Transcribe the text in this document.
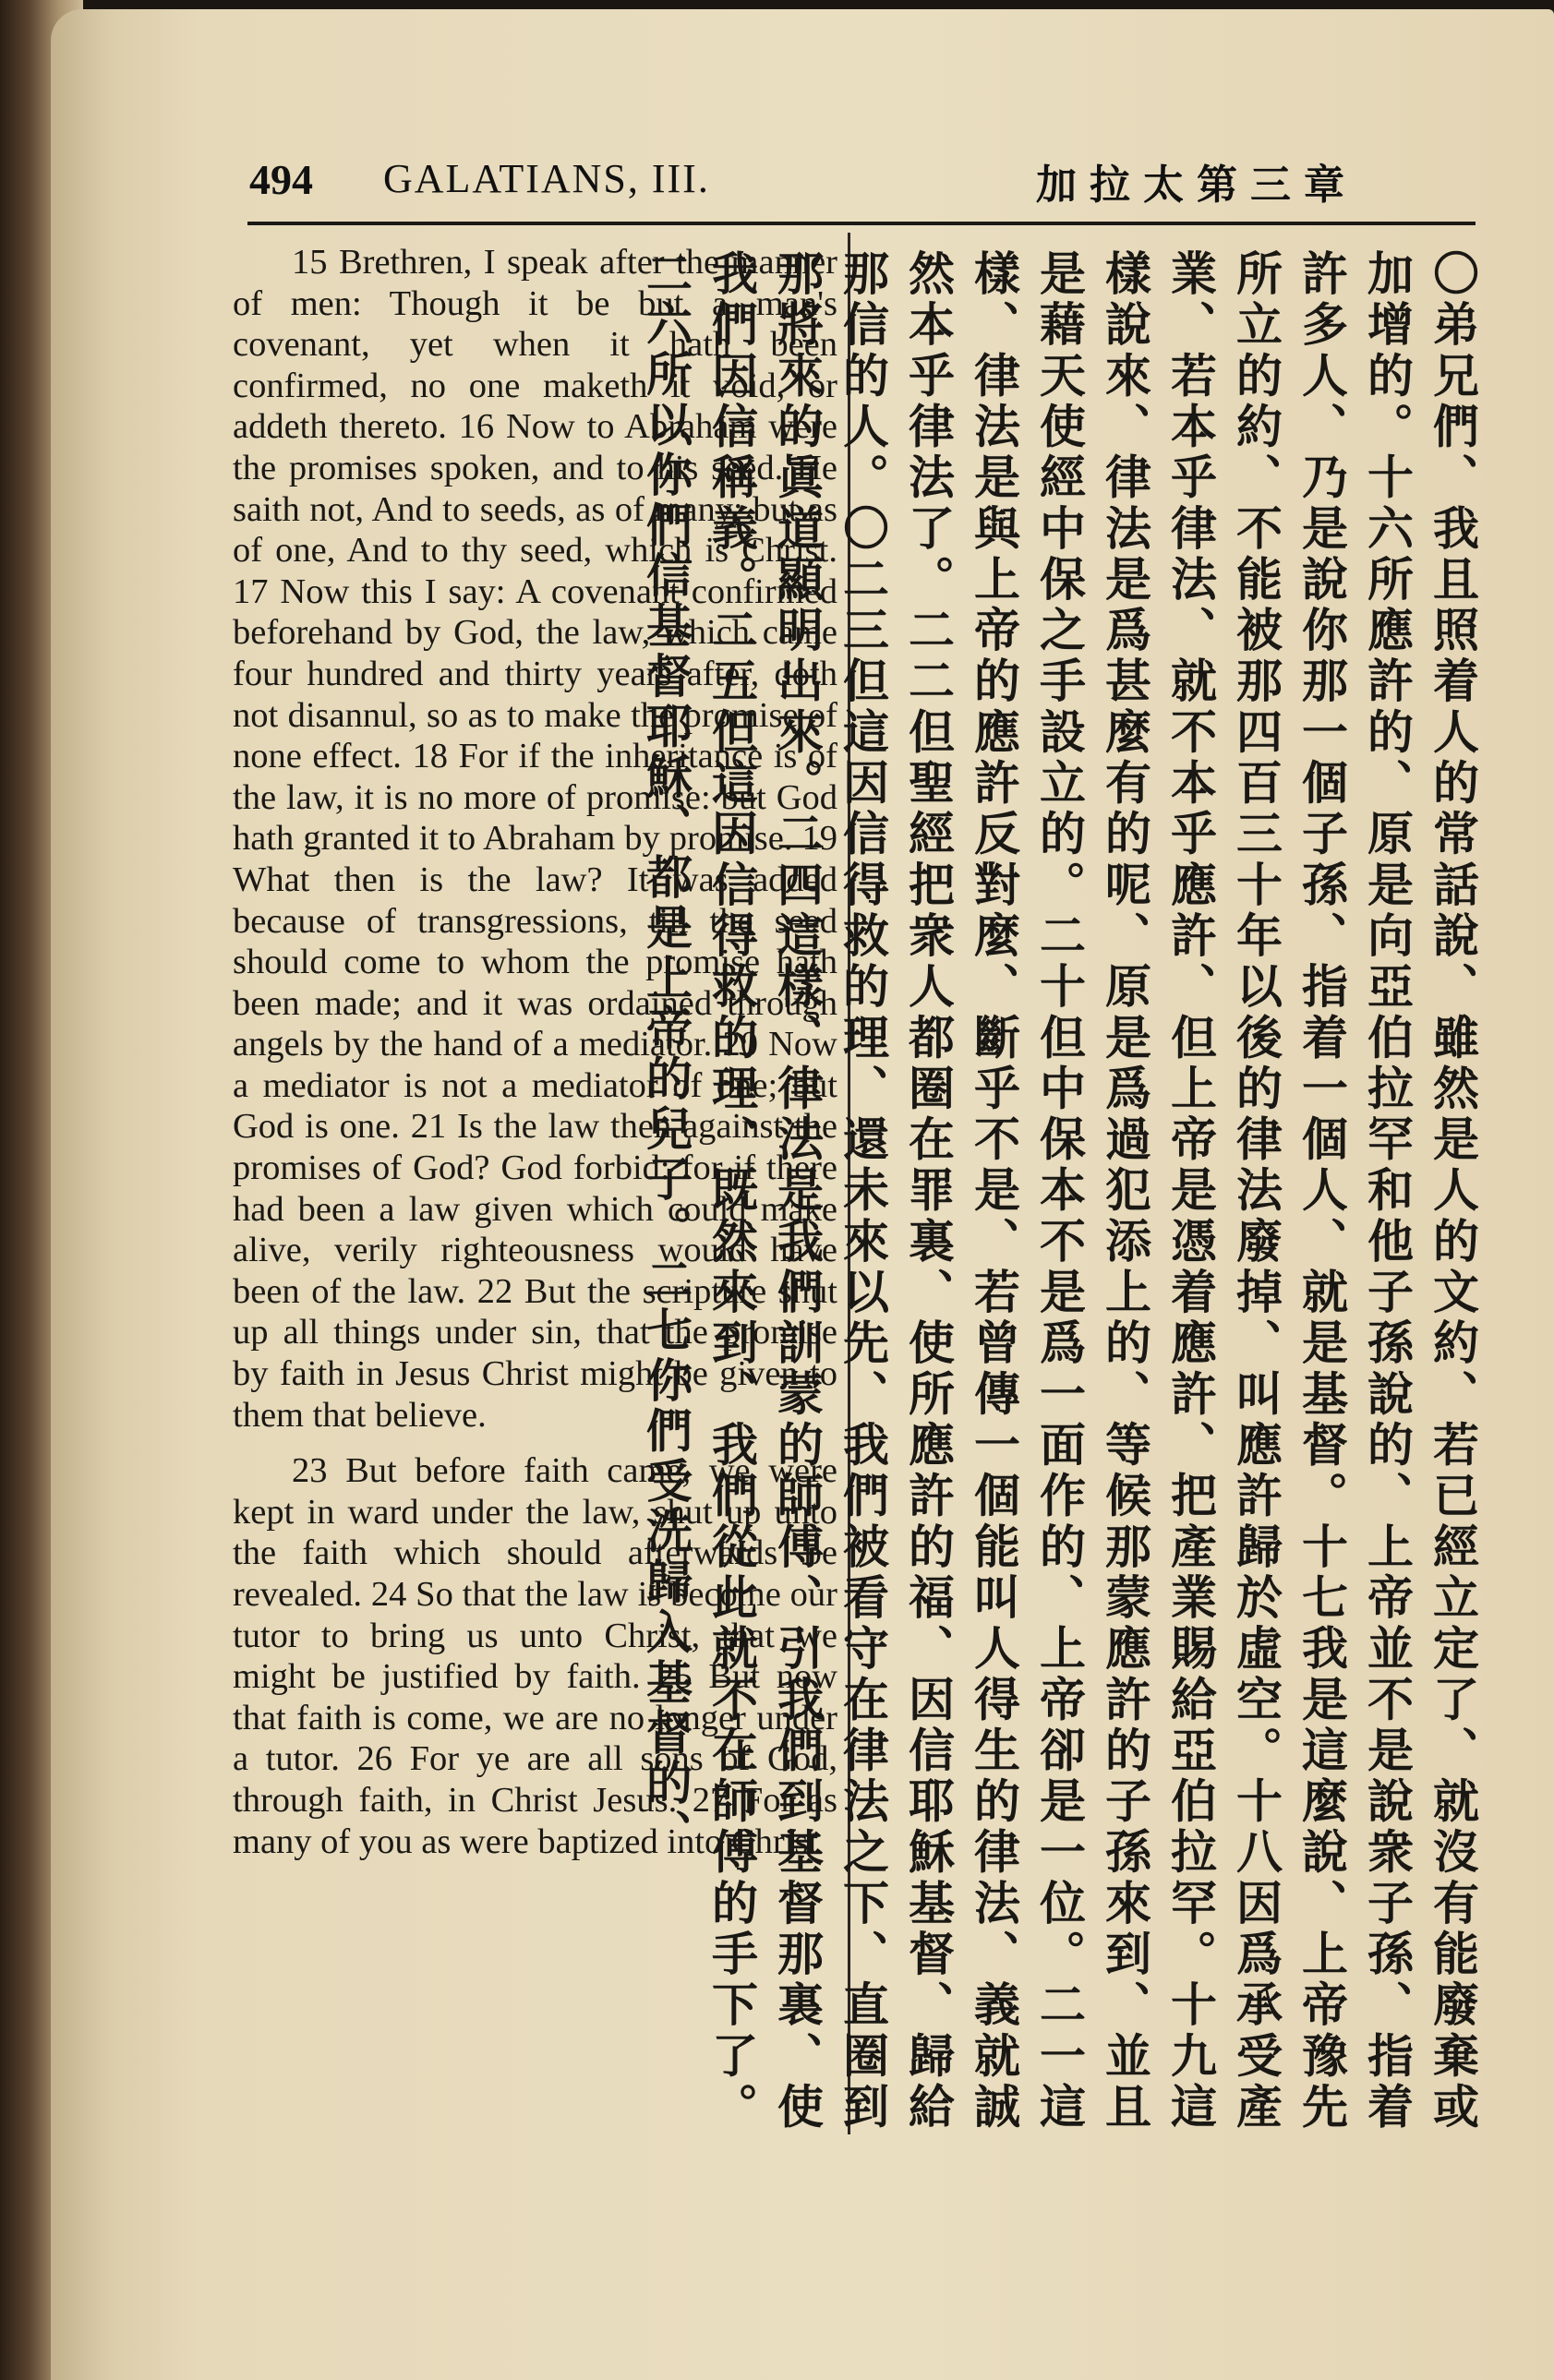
494 GALATIANS, III.	加拉太第三章

15 Brethren, I speak after the manner of men: Though it be but a man's covenant, yet when it hath been confirmed, no one maketh it void, or addeth thereto. 16 Now to Abraham were the promises spoken, and to his seed. He saith not, And to seeds, as of many; but as of one, And to thy seed, which is Christ. 17 Now this I say: A covenant confirmed beforehand by God, the law, which came four hundred and thirty years after, doth not disannul, so as to make the promise of none effect. 18 For if the inheritance is of the law, it is no more of promise: but God hath granted it to Abraham by promise. 19 What then is the law? It was added because of transgressions, till the seed should come to whom the promise hath been made; and it was ordained through angels by the hand of a mediator. 20 Now a mediator is not a mediator of one; but God is one. 21 Is the law then against the promises of God? God forbid: for if there had been a law given which could make alive, verily righteousness would have been of the law. 22 But the scripture shut up all things under sin, that the promise by faith in Jesus Christ might be given to them that believe.

23 But before faith came, we were kept in ward under the law, shut up unto the faith which should afterwards be revealed. 24 So that the law is become our tutor to bring us unto Christ, that we might be justified by faith. 25 But now that faith is come, we are no longer under a tutor. 26 For ye are all sons of God, through faith, in Christ Jesus. 27 For as many of you as were baptized into Christ	〇弟兄們、我且照着人的常話說、雖然是人的文約、若已經立定了、就沒有能廢棄或加增的。十六所應許的、原是向亞伯拉罕和他子孫說的、上帝並不是說衆子孫、指着許多人、乃是說你那一個子孫、指着一個人、就是基督。十七我是這麼說、上帝豫先所立的約、不能被那四百三十年以後的律法廢掉、叫應許歸於虛空。十八因爲承受產業、若本乎律法、就不本乎應許、但上帝是憑着應許、把產業賜給亞伯拉罕。十九這樣說來、律法是爲甚麼有的呢、原是爲過犯添上的、等候那蒙應許的子孫來到、並且是藉天使經中保之手設立的。二十但中保本不是爲一面作的、上帝卻是一位。二一這樣、律法是與上帝的應許反對麼、斷乎不是、若曾傳一個能叫人得生的律法、義就誠然本乎律法了。二二但聖經把衆人都圈在罪裏、使所應許的福、因信耶穌基督、歸給那信的人。〇二三但這因信得救的理、還未來以先、我們被看守在律法之下、直圈到那將來的眞道顯明出來。二四這樣、律法是我們訓蒙的師傅、引我們到基督那裏、使我們因信稱義。二五但這因信得救的理、既然來到、我們從此就不在師傅的手下了。二六所以你們信基督耶穌、都是上帝的兒子。二七你們受洗歸入基督的、
